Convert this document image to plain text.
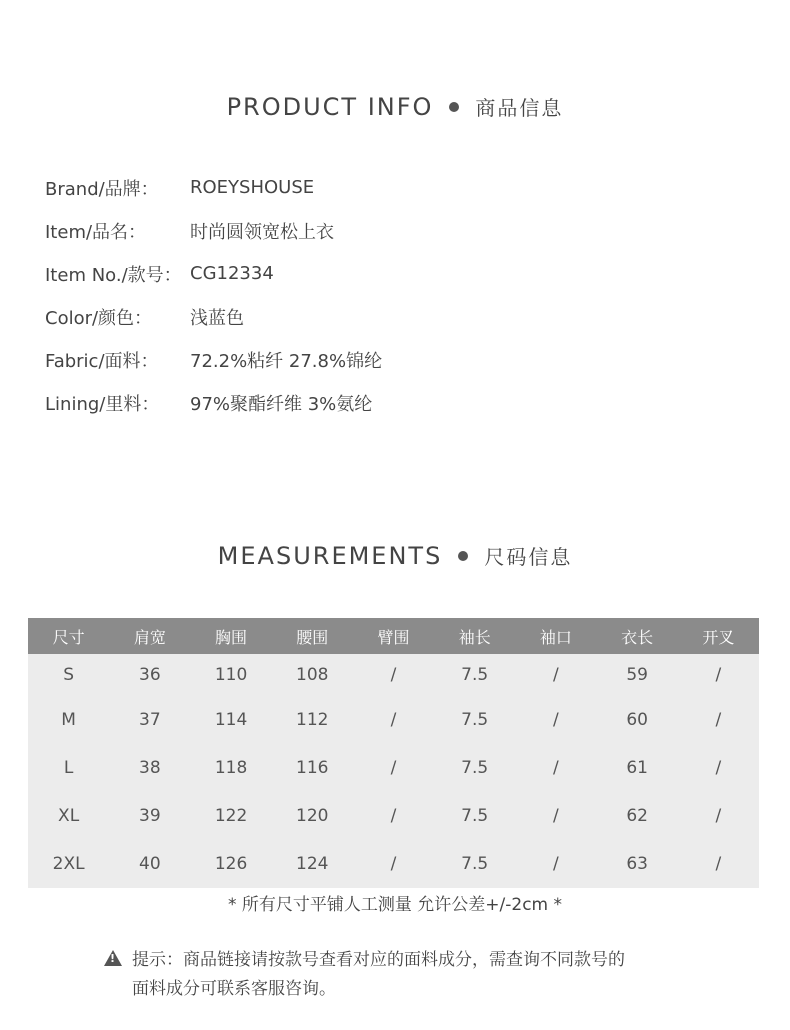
PRODUCT INFO 商品信息
Brand/品牌：	ROEYSHOUSE
Item/品名：	时尚圆领宽松上衣
Item No./款号： CG12334
Color/颜色：	浅蓝色
Fabric/面料：	72.2%粘纤 27.8%锦纶
Lining/里料：	97%聚酯纤维 3%氨纶
MEASUREMENTS 尺码信息
尺寸	肩宽	胸围	腰围	臂围	袖长	袖口	衣长	开叉
S	36	110	108	/	7.5	/	59	/
M	37	114	112	/	7.5	/	60	/
L	38	118	116	/	7.5	/	61	/
XL	39	122	120	/	7.5	/	62	/
2XL	40	126	124	/	7.5	/	63	/
* 所有尺寸平铺人工测量 允许公差+/-2cm *
!提示：商品链接请按款号查看对应的面料成分，需查询不同款号的
面料成分可联系客服咨询。
